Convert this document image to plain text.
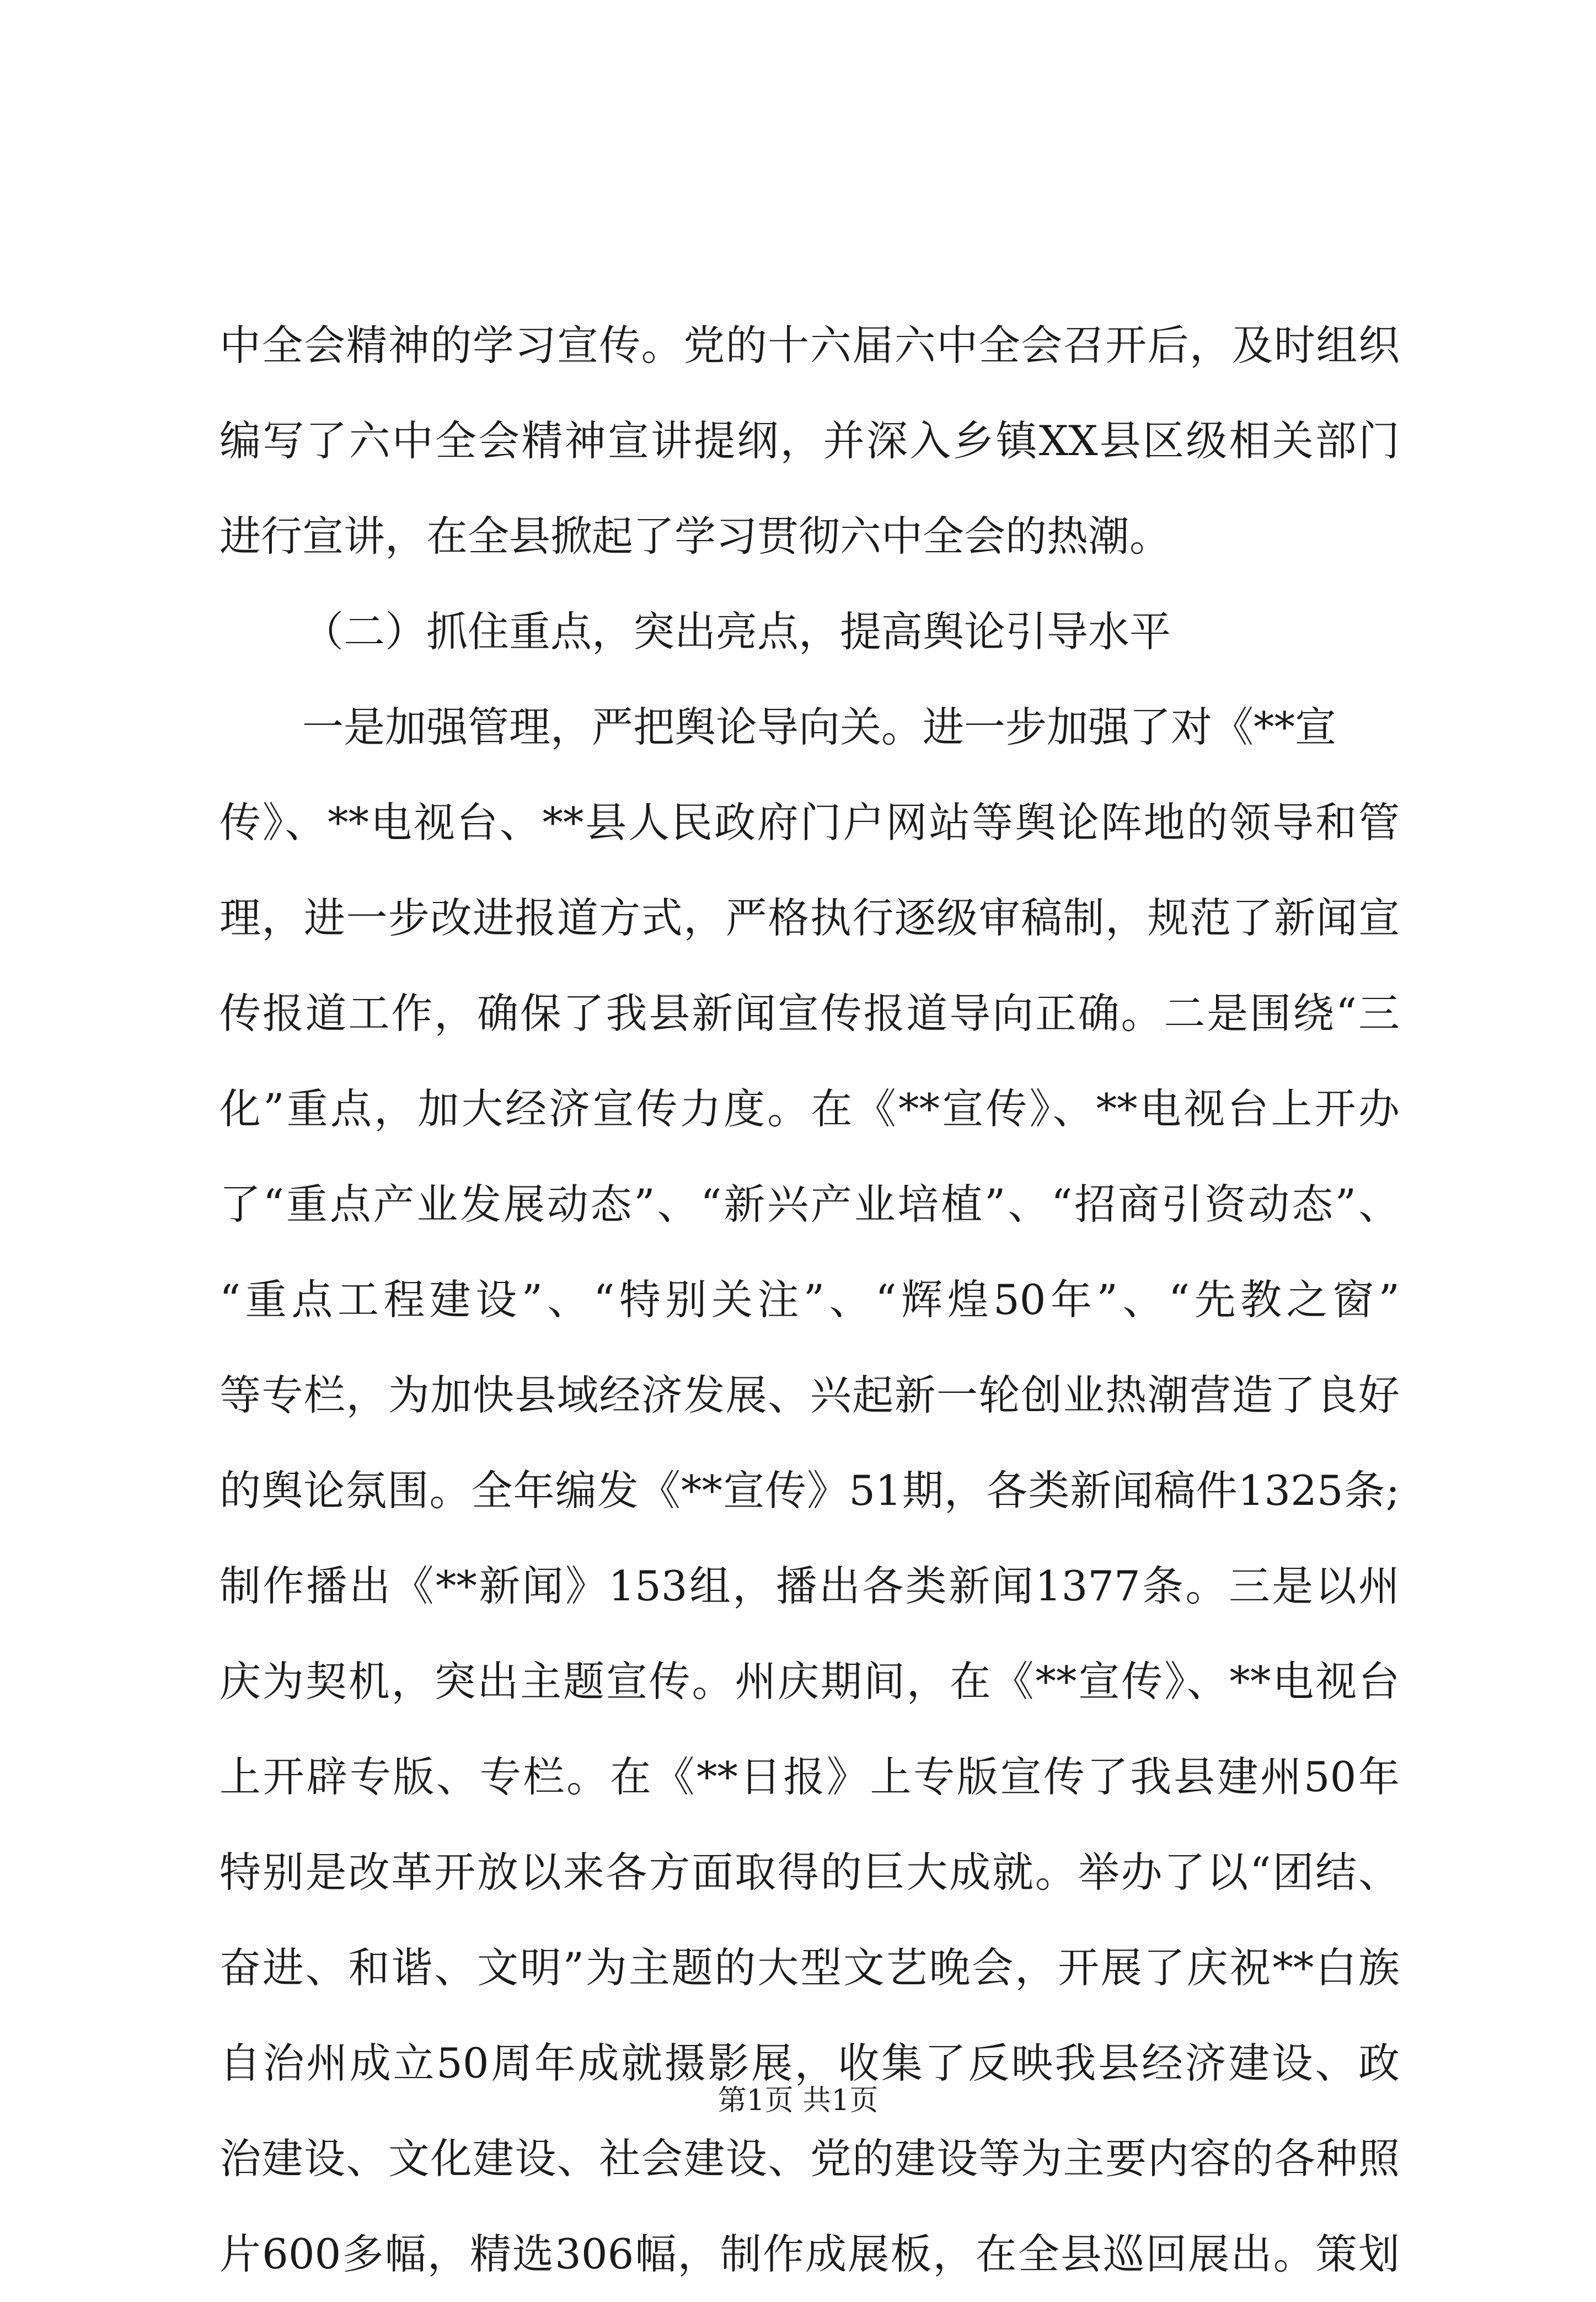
中全会精神的学习宣传。党的十六届六中全会召开后，及时组织
编写了六中全会精神宣讲提纲，并深入乡镇XX县区级相关部门
进行宣讲，在全县掀起了学习贯彻六中全会的热潮。
（二）抓住重点，突出亮点，提高舆论引导水平
一是加强管理，严把舆论导向关。进一步加强了对《**宣
传》、**电视台、**县人民政府门户网站等舆论阵地的领导和管
理，进一步改进报道方式，严格执行逐级审稿制，规范了新闻宣
传报道工作，确保了我县新闻宣传报道导向正确。二是围绕“三
化”重点，加大经济宣传力度。在《**宣传》、**电视台上开办
了“重点产业发展动态”、“新兴产业培植”、“招商引资动态”、
“重点工程建设”、“特别关注”、“辉煌50年”、“先教之窗”
等专栏，为加快县域经济发展、兴起新一轮创业热潮营造了良好
的舆论氛围。全年编发《**宣传》51期，各类新闻稿件1325条;
制作播出《**新闻》153组，播出各类新闻1377条。三是以州
庆为契机，突出主题宣传。州庆期间，在《**宣传》、**电视台
上开辟专版、专栏。在《**日报》上专版宣传了我县建州50年
特别是改革开放以来各方面取得的巨大成就。举办了以“团结、
奋进、和谐、文明”为主题的大型文艺晚会，开展了庆祝**白族
自治州成立50周年成就摄影展，收集了反映我县经济建设、政
治建设、文化建设、社会建设、党的建设等为主要内容的各种照
片600多幅，精选306幅，制作成展板，在全县巡回展出。策划
第1页 共1页
